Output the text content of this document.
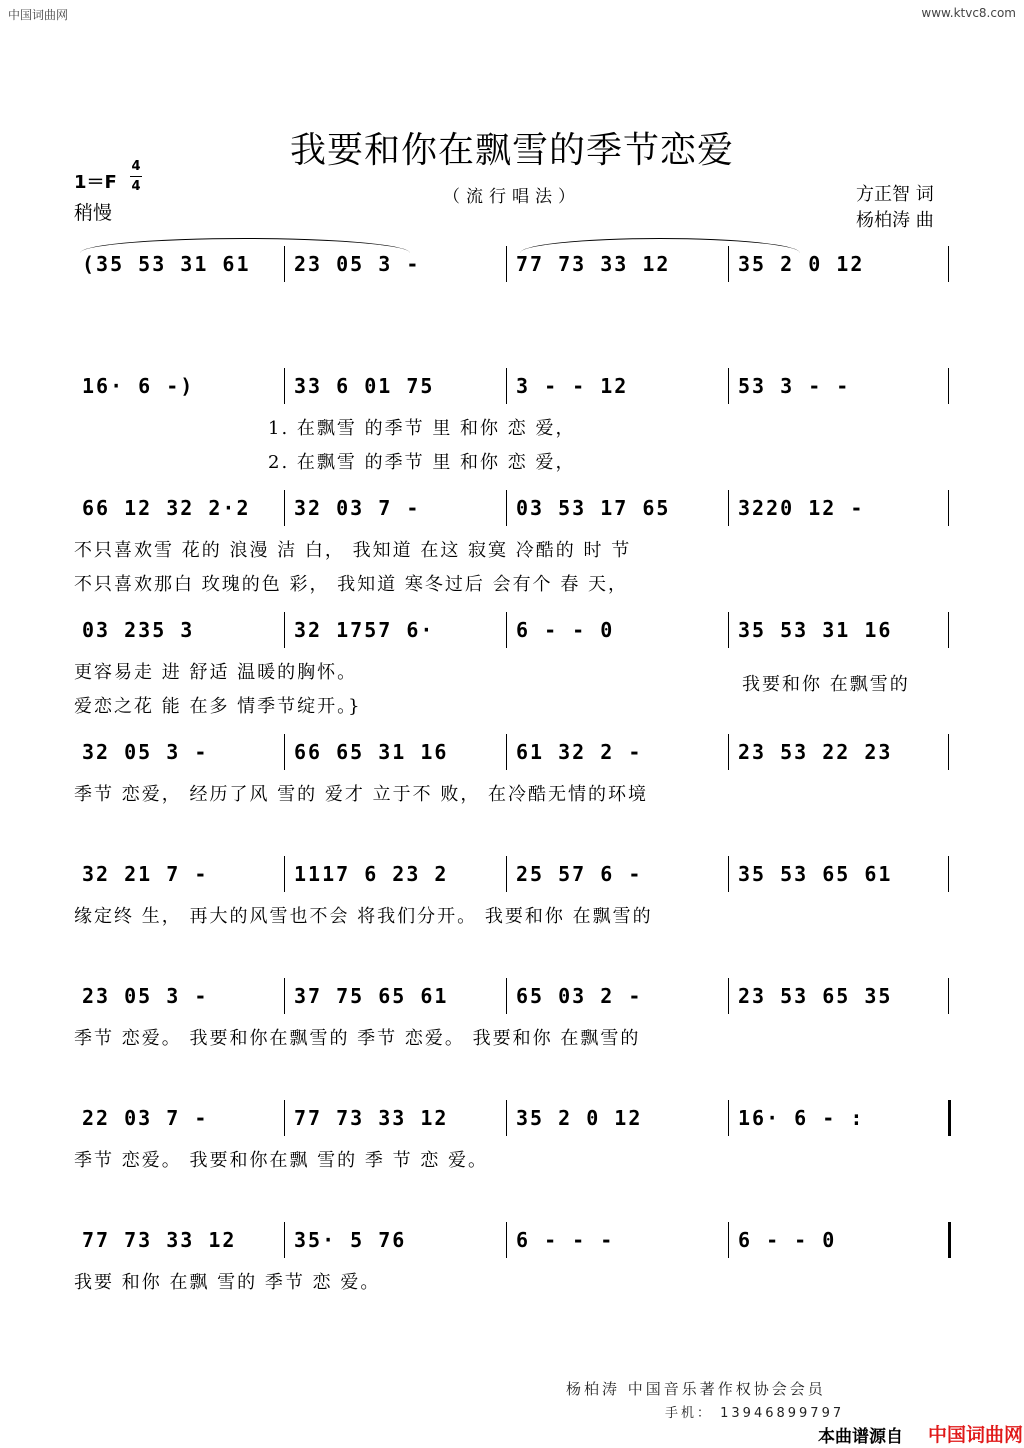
中国词曲网	www.ktvc8.com
我要和你在飘雪的季节恋爱
1＝F
4
4
稍慢
（流行唱法）	方正智 词
杨柏涛 曲
(35 53 31 61 23 05 3 -	77 73 33 12	35 2 0 12
16· 6 -)	33 6 01 75	3 - - 12	53 3 - -
1. 在飘雪 的季节 里 和你 恋 爱，
2. 在飘雪 的季节 里 和你 恋 爱，
66 12 32 2·2 32 03 7 -	03 53 17 65	3220 12 -
不只喜欢雪 花的 浪漫 洁 白， 我知道 在这 寂寞 冷酷的 时 节
不只喜欢那白 玫瑰的色 彩， 我知道 寒冬过后 会有个 春 天，
03 235 3	32 1757 6·	6 - - 0	35 53 31 16
更容易走 进 舒适 温暖的胸怀。
爱恋之花 能 在多 情季节绽开。}
我要和你 在飘雪的
32 05 3 -	66 65 31 16	61 32 2 -	23 53 22 23
季节 恋爱， 经历了风 雪的 爱才 立于不 败， 在冷酷无情的环境
32 21 7 -	1117 6 23 2	25 57 6 -	35 53 65 61
缘定终 生， 再大的风雪也不会 将我们分开。 我要和你 在飘雪的
23 05 3 -	37 75 65 61	65 03 2 -	23 53 65 35
季节 恋爱。 我要和你在飘雪的 季节 恋爱。 我要和你 在飘雪的
22 03 7 -	77 73 33 12	35 2 0 12	16· 6 - :
季节 恋爱。 我要和你在飘 雪的 季 节 恋 爱。
77 73 33 12	35· 5 76	6 - - -	6 - - 0
我要 和你 在飘 雪的 季节 恋 爱。
杨柏涛 中国音乐著作权协会会员
手机： 13946899797
本曲谱源自 中国词曲网
